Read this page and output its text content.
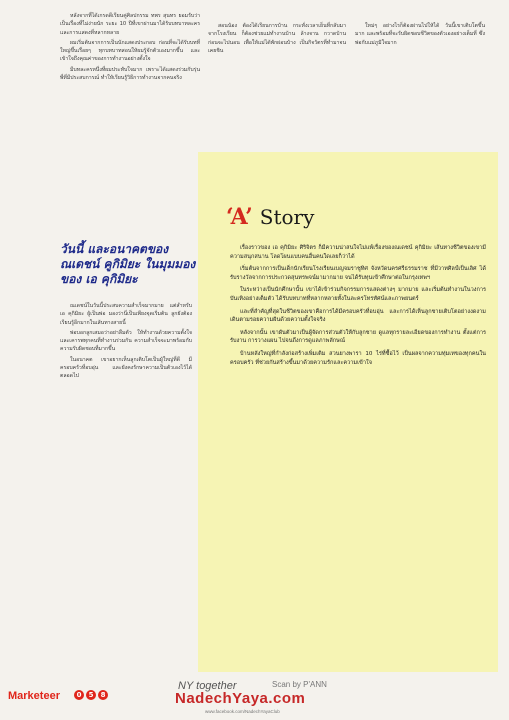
หลังจากที่ได้เกรดดีเรียนคู่ศิลปกรรม ทพร สุนทร ยอมรับว่าเป็นเรื่องที่ไม่ง่ายนัก ระยะ 10 ปีที่เขาผ่านมาได้รับบทบาทละครและการแสดงที่หลากหลาย

ผมเริ่มต้นจากการเป็นนักแสดงประกอบ ก่อนที่จะได้รับบทที่ใหญ่ขึ้นเรื่อยๆ ทุกบทบาทสอนให้ผมรู้จักตัวเองมากขึ้น และเข้าใจถึงคุณค่าของการทำงานอย่างตั้งใจ

มีบทละครหนึ่งที่ผมประทับใจมาก เพราะได้แสดงร่วมกับรุ่นพี่ที่มีประสบการณ์ ทำให้เรียนรู้วิธีการทำงานจากคนจริง

สอนน้อง ต้องได้เรียนการบ้าน กระทั่งเวลาเย็นที่กลับมาจากโรงเรียน ก็ต้องช่วยแม่ทำงานบ้าน ล้างจาน กวาดบ้าน ก่อนจะไปนอน เพื่อให้แม่ได้พักผ่อนบ้าง เป็นกิจวัตรที่ทำมาจนเคยชิน

ใหม่ๆ อย่างไรก็ต้องผ่านไปให้ได้ วันนี้เขาเติบโตขึ้นมาก และพร้อมที่จะรับผิดชอบชีวิตของตัวเองอย่างเต็มที่ ซึ่งพ่อกับแม่ภูมิใจมาก

วันนี้ และอนาคตของ
ณเดชน์ คูกิมิยะ ในมุมมอง
ของ เอ คุกิมิยะ

ณเดชน์ในวันนี้ประสบความสำเร็จมากมาย แต่สำหรับ เอ คุกิมิยะ ผู้เป็นพ่อ มองว่านี่เป็นเพียงจุดเริ่มต้น ลูกยังต้องเรียนรู้อีกมากในเส้นทางสายนี้

พ่อบอกลูกเสมอว่าอย่าลืมตัว ให้ทำงานด้วยความตั้งใจและเคารพทุกคนที่ทำงานร่วมกัน ความสำเร็จจะมาพร้อมกับความรับผิดชอบที่มากขึ้น

ในอนาคต เขาอยากเห็นลูกเติบโตเป็นผู้ใหญ่ที่ดี มีครอบครัวที่อบอุ่น และยังคงรักษาความเป็นตัวเองไว้ได้ตลอดไป

‘A’ Story

เรื่องราวของ เอ คุกิมิยะ ศิริจิตร ก็มีความน่าสนใจไม่แพ้เรื่องของณเดชน์ คุกิมิยะ เส้นทางชีวิตของเขามีความสนุกสนาน โลดโผนแบบคนอื่นคนใดเลยก็ว่าได้

เริ่มต้นจากการเป็นเด็กนักเรียนโรงเรียนเบญจมราชูทิศ จังหวัดนครศรีธรรมราช ที่มีวาทศิลป์เป็นเลิศ ได้รับรางวัลจากการประกวดสุนทรพจน์มามากมาย จนได้รับทุนเข้าศึกษาต่อในกรุงเทพฯ

ในระหว่างเป็นนักศึกษานั้น เขาได้เข้าร่วมกิจกรรมการแสดงต่างๆ มากมาย และเริ่มต้นทำงานในวงการบันเทิงอย่างเต็มตัว ได้รับบทบาทที่หลากหลายทั้งในละครโทรทัศน์และภาพยนตร์

และที่สำคัญที่สุดในชีวิตของเขาคือการได้มีครอบครัวที่อบอุ่น และการได้เห็นลูกชายเติบโตอย่างงดงาม เดินตามรอยความฝันด้วยความตั้งใจจริง

หลังจากนั้น เขาผันตัวมาเป็นผู้จัดการส่วนตัวให้กับลูกชาย ดูแลทุกรายละเอียดของการทำงาน ตั้งแต่การรับงาน การวางแผน ไปจนถึงการดูแลภาพลักษณ์

บ้านหลังใหญ่ที่กำลังก่อสร้างเพิ่มเติม สวนยางพารา 10 ไร่ที่ซื้อไว้ เป็นผลจากความทุ่มเทของทุกคนในครอบครัว ที่ช่วยกันสร้างขึ้นมาด้วยความรักและความเข้าใจ

Marketeer	0	5	8
NY together	Scan by P'ANN
NadechYaya.com
www.facebook.com/NadechYayaClub
